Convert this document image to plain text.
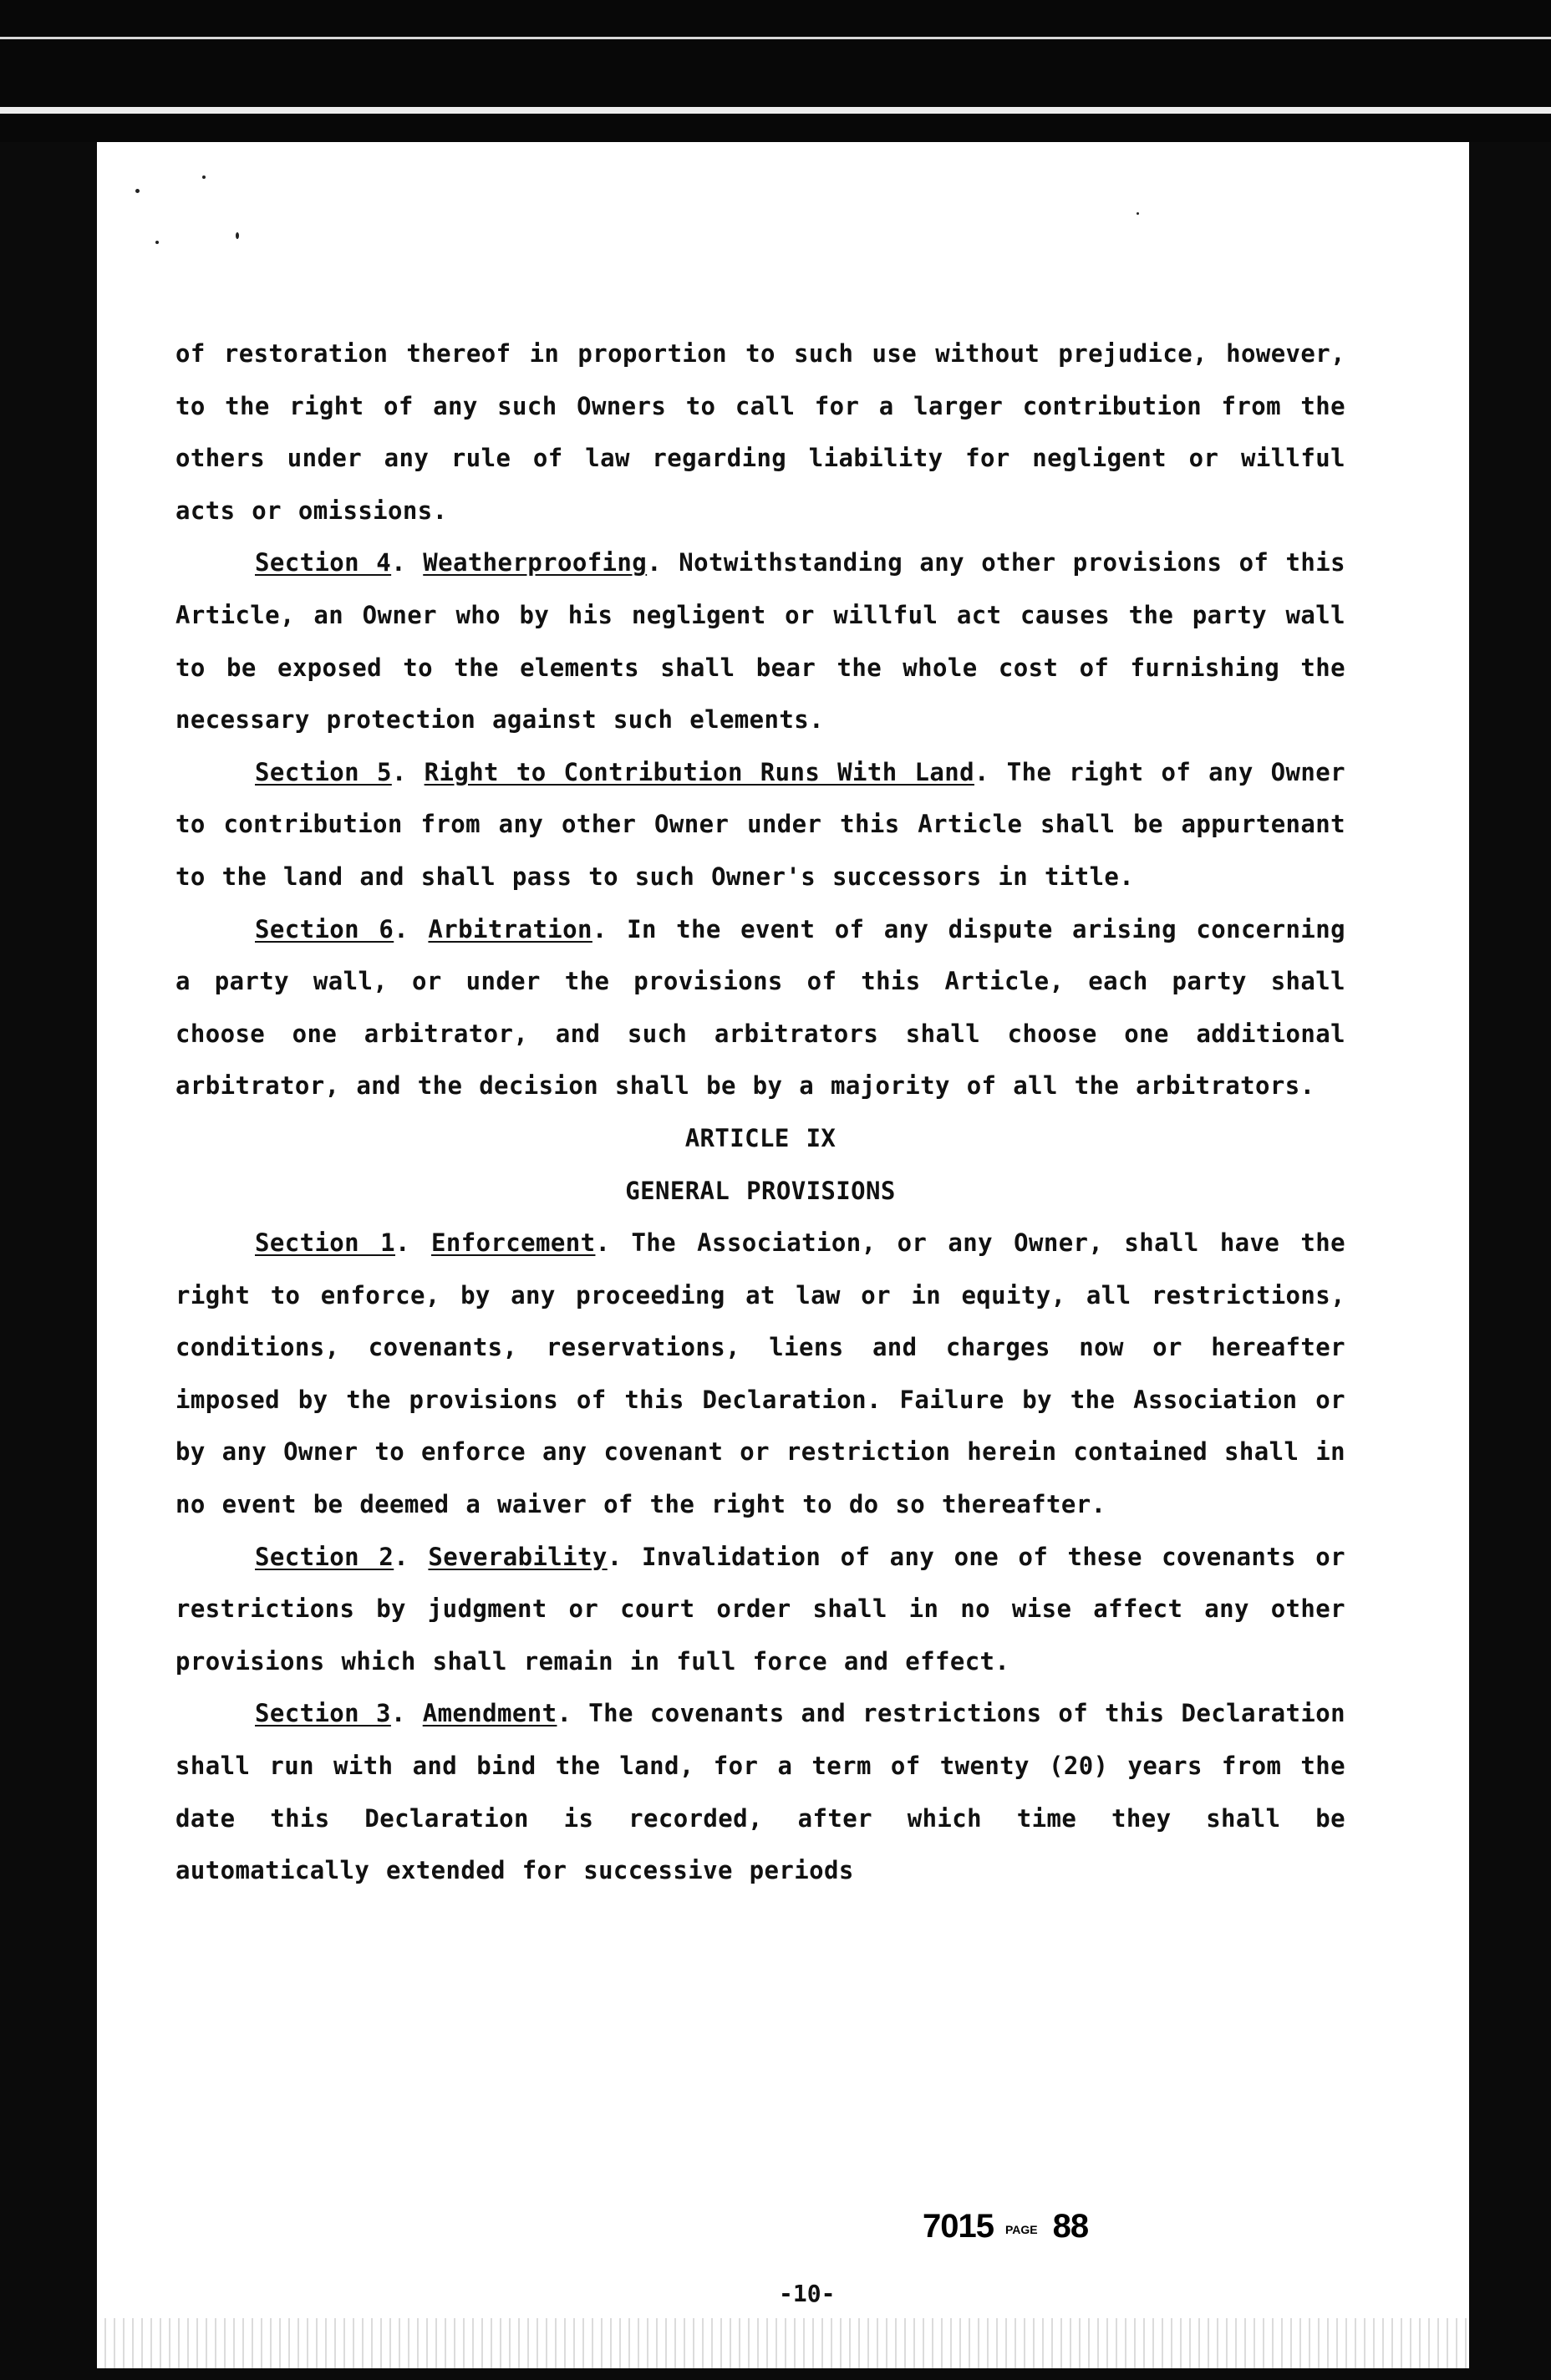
of restoration thereof in proportion to such use without prejudice, however, to the right of any such Owners to call for a larger contribution from the others under any rule of law regarding liability for negligent or willful acts or omissions.

Section 4. Weatherproofing. Notwithstanding any other provisions of this Article, an Owner who by his negligent or willful act causes the party wall to be exposed to the elements shall bear the whole cost of furnishing the necessary protection against such elements.

Section 5. Right to Contribution Runs With Land. The right of any Owner to contribution from any other Owner under this Article shall be appurtenant to the land and shall pass to such Owner's successors in title.

Section 6. Arbitration. In the event of any dispute arising concerning a party wall, or under the provisions of this Article, each party shall choose one arbitrator, and such arbitrators shall choose one additional arbitrator, and the decision shall be by a majority of all the arbitrators.

ARTICLE IX

GENERAL PROVISIONS

Section 1. Enforcement. The Association, or any Owner, shall have the right to enforce, by any proceeding at law or in equity, all restrictions, conditions, covenants, reservations, liens and charges now or hereafter imposed by the provisions of this Declaration. Failure by the Association or by any Owner to enforce any covenant or restriction herein contained shall in no event be deemed a waiver of the right to do so thereafter.

Section 2. Severability. Invalidation of any one of these covenants or restrictions by judgment or court order shall in no wise affect any other provisions which shall remain in full force and effect.

Section 3. Amendment. The covenants and restrictions of this Declaration shall run with and bind the land, for a term of twenty (20) years from the date this Declaration is recorded, after which time they shall be automatically extended for successive periods

7015 PAGE 88
-10-
